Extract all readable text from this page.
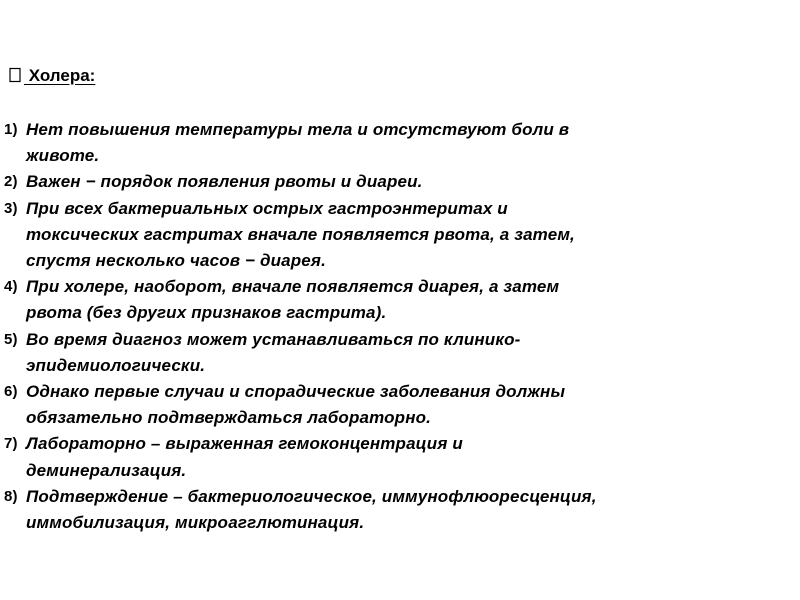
Холера:
1) Нет повышения температуры тела и отсутствуют боли в
животе.
2) Важен − порядок появления рвоты и диареи.
3) При всех бактериальных острых гастроэнтеритах и
токсических гастритах вначале появляется рвота, а затем,
спустя несколько часов − диарея.
4) При холере, наоборот, вначале появляется диарея, а затем
рвота (без других признаков гастрита).
5) Во время диагноз может устанавливаться по клинико-
эпидемиологически.
6) Однако первые случаи и спорадические заболевания должны
обязательно подтверждаться лабораторно.
7) Лабораторно – выраженная гемоконцентрация и
деминерализация.
8) Подтверждение – бактериологическое, иммунофлюоресценция,
иммобилизация, микроагглютинация.
